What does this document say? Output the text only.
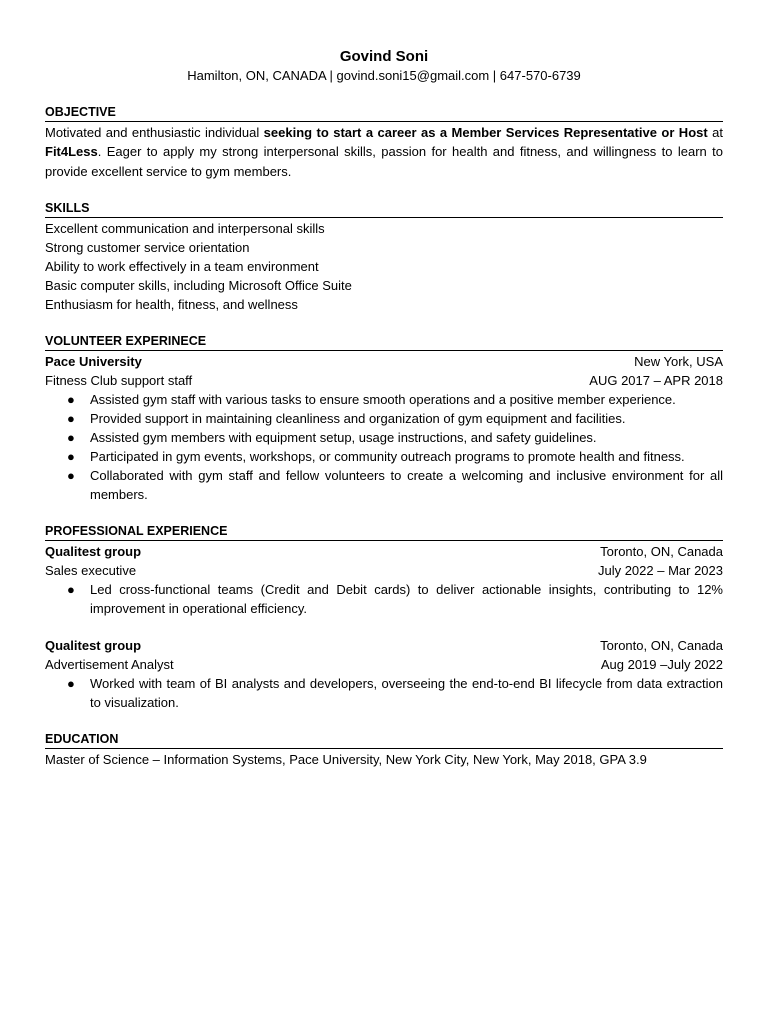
Govind Soni
Hamilton, ON, CANADA | govind.soni15@gmail.com | 647-570-6739
OBJECTIVE
Motivated and enthusiastic individual seeking to start a career as a Member Services Representative or Host at Fit4Less. Eager to apply my strong interpersonal skills, passion for health and fitness, and willingness to learn to provide excellent service to gym members.
SKILLS
Excellent communication and interpersonal skills
Strong customer service orientation
Ability to work effectively in a team environment
Basic computer skills, including Microsoft Office Suite
Enthusiasm for health, fitness, and wellness
VOLUNTEER EXPERINECE
Pace University	New York, USA
Fitness Club support staff	AUG 2017 – APR 2018
● Assisted gym staff with various tasks to ensure smooth operations and a positive member experience.
● Provided support in maintaining cleanliness and organization of gym equipment and facilities.
● Assisted gym members with equipment setup, usage instructions, and safety guidelines.
● Participated in gym events, workshops, or community outreach programs to promote health and fitness.
● Collaborated with gym staff and fellow volunteers to create a welcoming and inclusive environment for all members.
PROFESSIONAL EXPERIENCE
Qualitest group	Toronto, ON, Canada
Sales executive	July 2022 – Mar 2023
● Led cross-functional teams (Credit and Debit cards) to deliver actionable insights, contributing to 12% improvement in operational efficiency.
Qualitest group	Toronto, ON, Canada
Advertisement Analyst	Aug 2019 –July 2022
● Worked with team of BI analysts and developers, overseeing the end-to-end BI lifecycle from data extraction to visualization.
EDUCATION
Master of Science – Information Systems, Pace University, New York City, New York, May 2018, GPA 3.9
